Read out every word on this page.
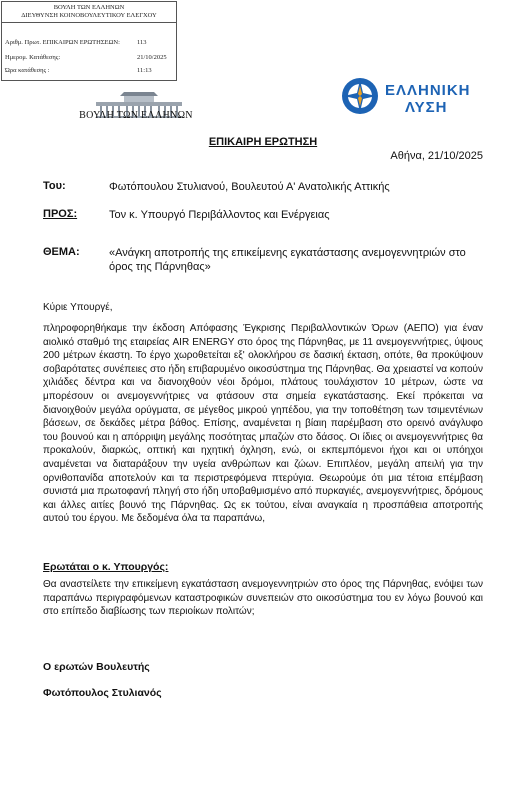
ΒΟΥΛΗ ΤΩΝ ΕΛΛΗΝΩΝ
ΔΙΕΥΘΥΝΣΗ ΚΟΙΝΟΒΟΥΛΕΥΤΙΚΟΥ ΕΛΕΓΧΟΥ
Αριθμ. Πρωτ. ΕΠΙΚΑΙΡΩΝ ΕΡΩΤΗΣΕΩΝ:	113
Ημερομ. Κατάθεσης:	21/10/2025
Ώρα κατάθεσης :	11:13
ΒΟΥΛΗ ΤΩΝ ΕΛΛΗΝΩΝ
ΕΛΛΗΝΙΚΗ
ΛΥΣΗ
ΕΠΙΚΑΙΡΗ ΕΡΩΤΗΣΗ
Αθήνα, 21/10/2025
Του:	Φωτόπουλου Στυλιανού, Βουλευτού Α' Ανατολικής Αττικής
ΠΡΟΣ:	Τον κ. Υπουργό Περιβάλλοντος και Ενέργειας
ΘΕΜΑ:	«Ανάγκη αποτροπής της επικείμενης εγκατάστασης ανεμογεννητριών στο όρος της Πάρνηθας»
Κύριε Υπουργέ,
πληροφορηθήκαμε την έκδοση Απόφασης Έγκρισης Περιβαλλοντικών Όρων (ΑΕΠΟ) για έναν αιολικό σταθμό της εταιρείας AIR ENERGY στο όρος της Πάρνηθας, με 11 ανεμογεννήτριες, ύψους 200 μέτρων έκαστη. Το έργο χωροθετείται εξ' ολοκλήρου σε δασική έκταση, οπότε, θα προκύψουν σοβαρότατες συνέπειες στο ήδη επιβαρυμένο οικοσύστημα της Πάρνηθας. Θα χρειαστεί να κοπούν χιλιάδες δέντρα και να διανοιχθούν νέοι δρόμοι, πλάτους τουλάχιστον 10 μέτρων, ώστε να μπορέσουν οι ανεμογεννήτριες να φτάσουν στα σημεία εγκατάστασης. Εκεί πρόκειται να διανοιχθούν μεγάλα ορύγματα, σε μέγεθος μικρού γηπέδου, για την τοποθέτηση των τσιμεντένιων βάσεων, σε δεκάδες μέτρα βάθος. Επίσης, αναμένεται η βίαιη παρέμβαση στο ορεινό ανάγλυφο του βουνού και η απόρριψη μεγάλης ποσότητας μπαζών στο δάσος. Οι ίδιες οι ανεμογεννήτριες θα προκαλούν, διαρκώς, οπτική και ηχητική όχληση, ενώ, οι εκπεμπόμενοι ήχοι και οι υπόηχοι αναμένεται να διαταράξουν την υγεία ανθρώπων και ζώων. Επιπλέον, μεγάλη απειλή για την ορνιθοπανίδα αποτελούν και τα περιστρεφόμενα πτερύγια. Θεωρούμε ότι μια τέτοια επέμβαση συνιστά μια πρωτοφανή πληγή στο ήδη υποβαθμισμένο από πυρκαγιές, ανεμογεννήτριες, δρόμους και άλλες αιτίες βουνό της Πάρνηθας. Ως εκ τούτου, είναι αναγκαία η προσπάθεια αποτροπής αυτού του έργου. Με δεδομένα όλα τα παραπάνω,
Ερωτάται ο κ. Υπουργός:
Θα αναστείλετε την επικείμενη εγκατάσταση ανεμογεννητριών στο όρος της Πάρνηθας, ενόψει των παραπάνω περιγραφόμενων καταστροφικών συνεπειών στο οικοσύστημα του εν λόγω βουνού και στο επίπεδο διαβίωσης των περιοίκων πολιτών;
Ο ερωτών Βουλευτής
Φωτόπουλος Στυλιανός
